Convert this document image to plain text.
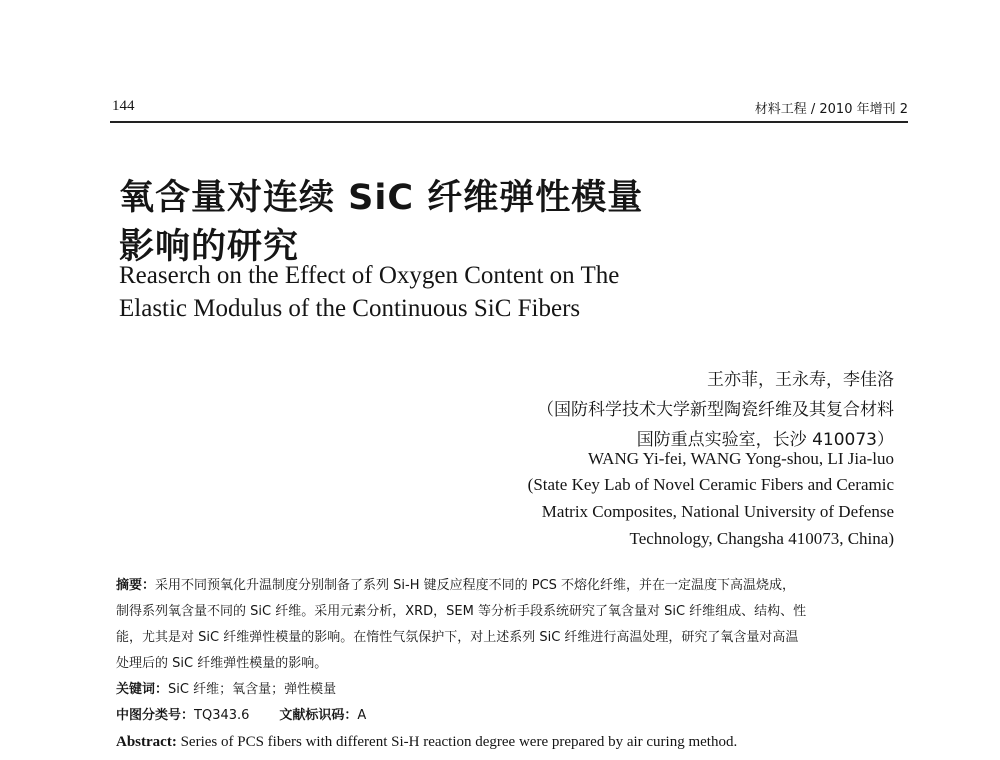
144	材料工程 / 2010 年增刊 2
氧含量对连续 SiC 纤维弹性模量
影响的研究
Reaserch on the Effect of Oxygen Content on The
Elastic Modulus of the Continuous SiC Fibers
王亦菲，王永寿，李佳洛
（国防科学技术大学新型陶瓷纤维及其复合材料
国防重点实验室，长沙 410073）
WANG Yi-fei, WANG Yong-shou, LI Jia-luo
(State Key Lab of Novel Ceramic Fibers and Ceramic
Matrix Composites, National University of Defense
Technology, Changsha 410073, China)
摘要：采用不同预氧化升温制度分别制备了系列 Si-H 键反应程度不同的 PCS 不熔化纤维，并在一定温度下高温烧成，
制得系列氧含量不同的 SiC 纤维。采用元素分析，XRD，SEM 等分析手段系统研究了氧含量对 SiC 纤维组成、结构、性
能，尤其是对 SiC 纤维弹性模量的影响。在惰性气氛保护下，对上述系列 SiC 纤维进行高温处理，研究了氧含量对高温
处理后的 SiC 纤维弹性模量的影响。
关键词：SiC 纤维；氧含量；弹性模量
中图分类号：TQ343.6 文献标识码：A
Abstract: Series of PCS fibers with different Si-H reaction degree were prepared by air curing method.
